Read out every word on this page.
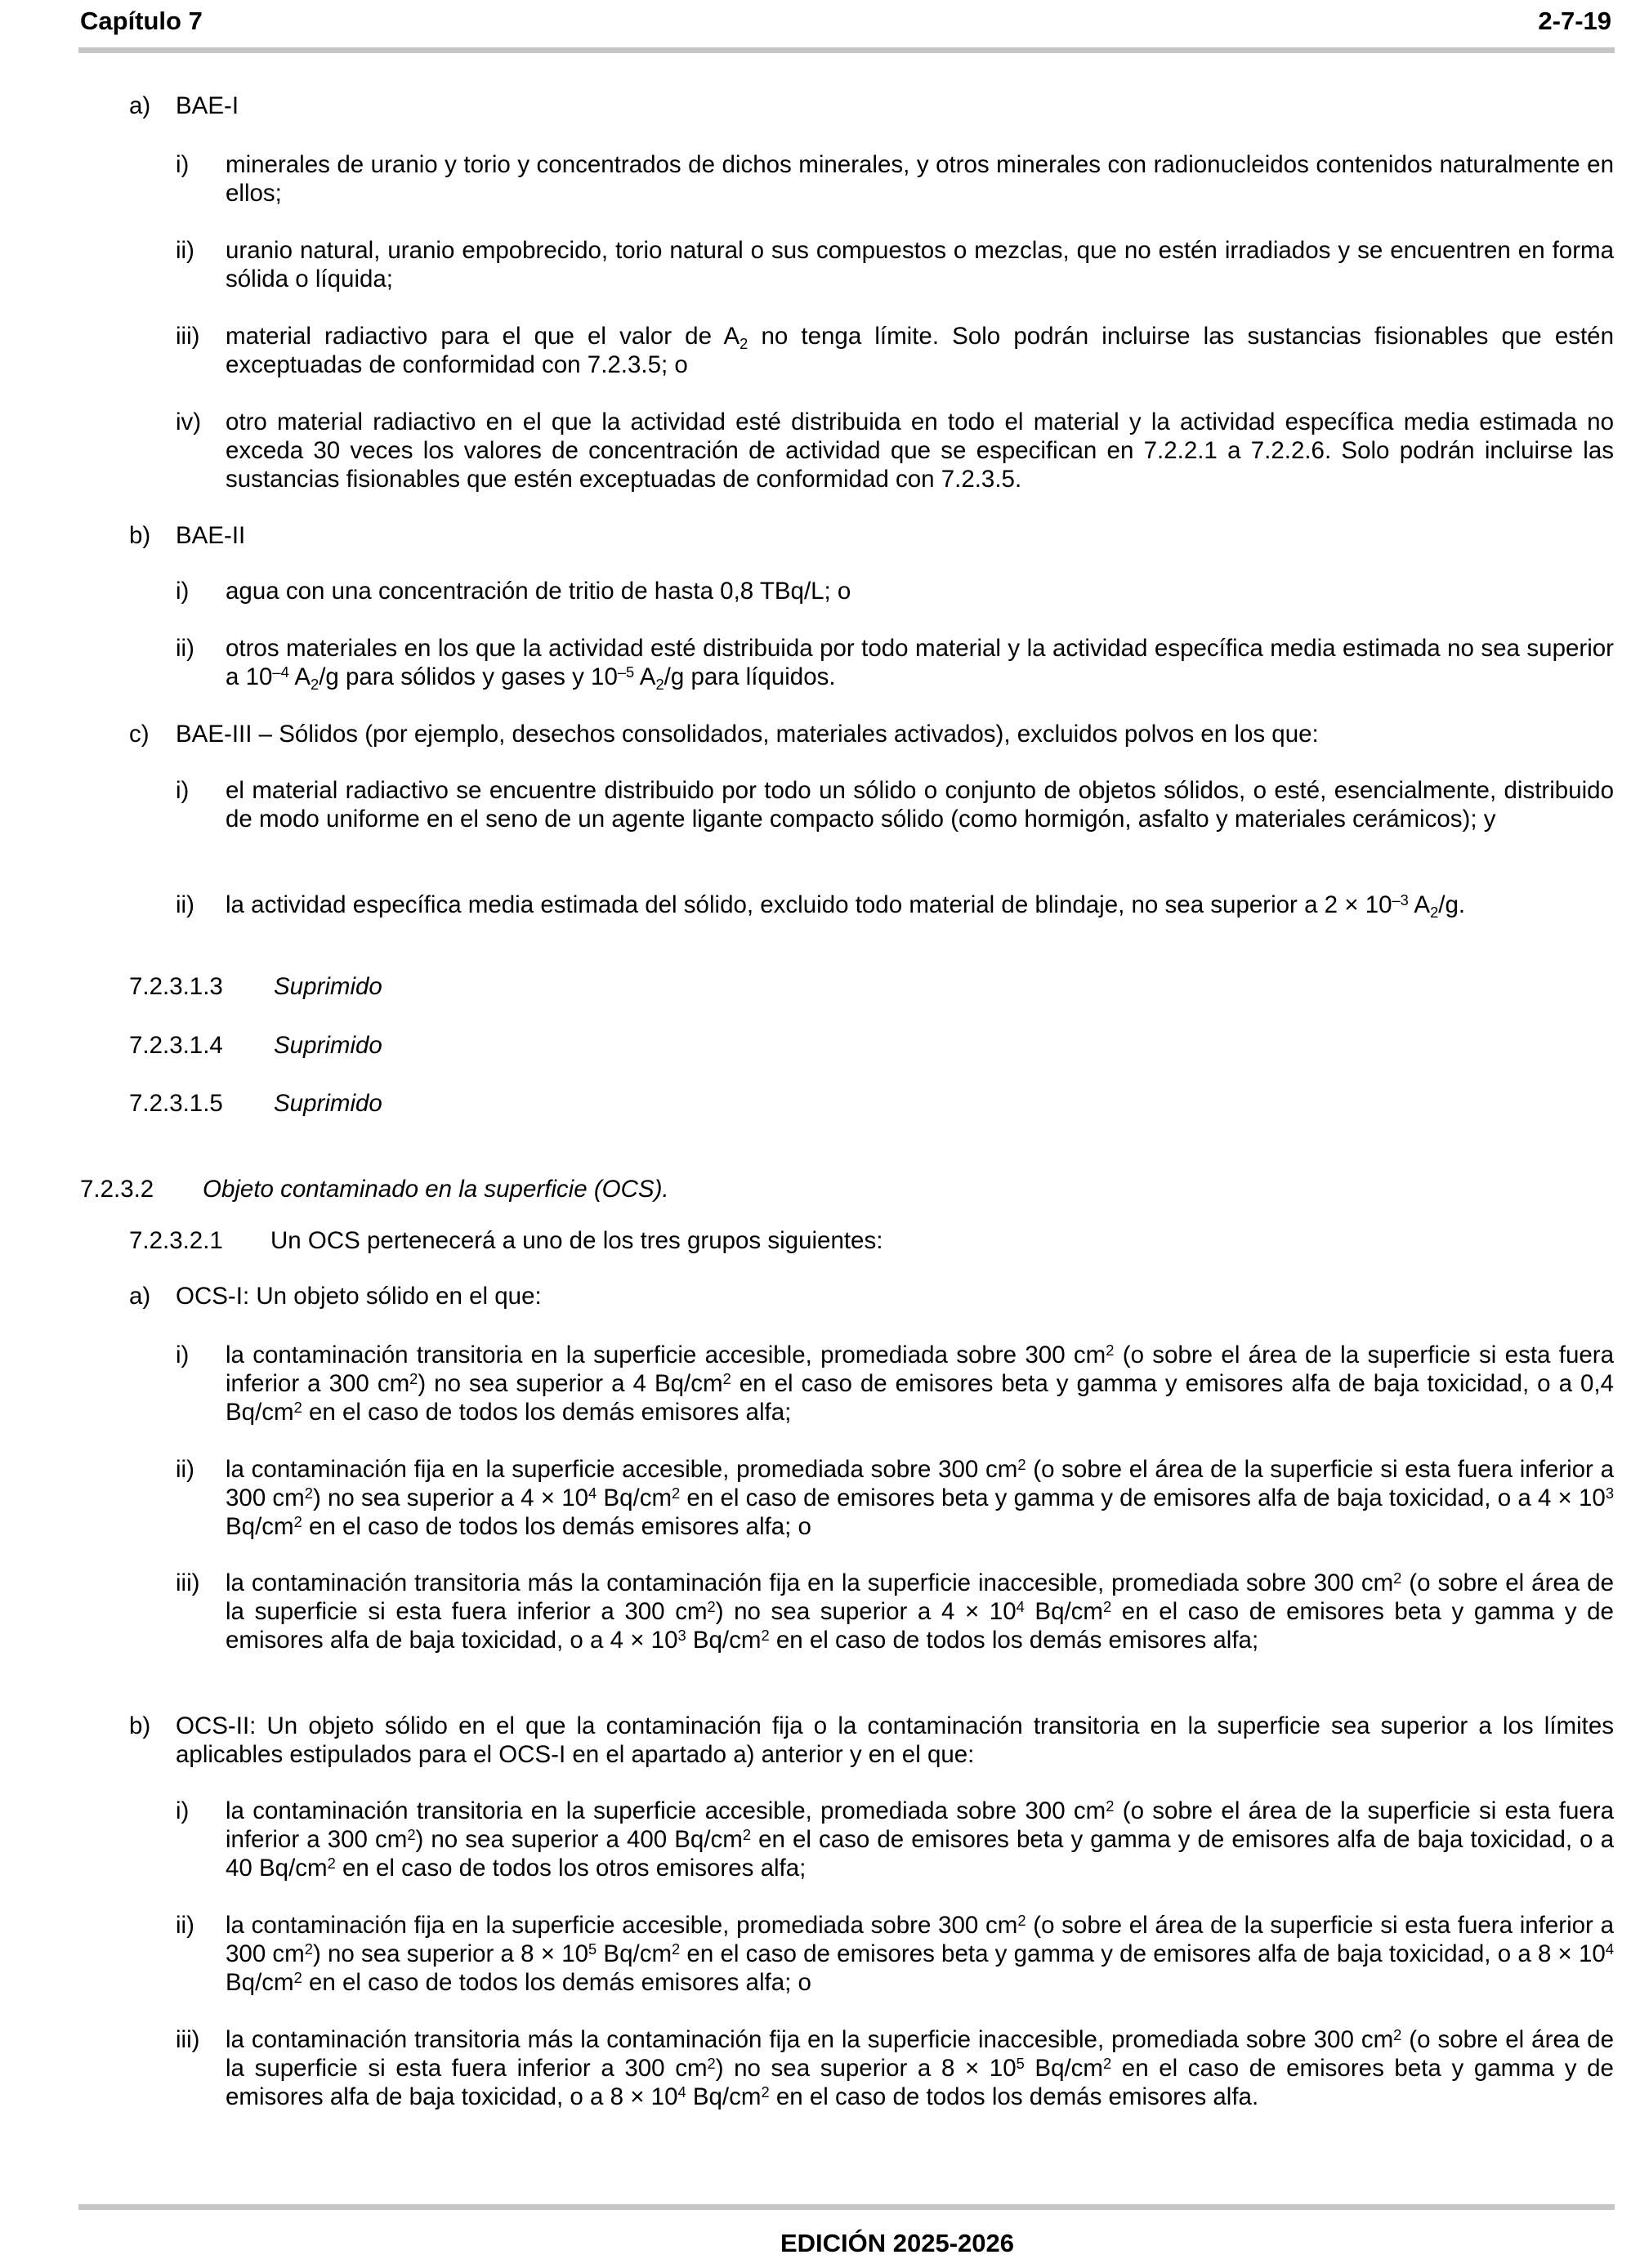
Capítulo 7	2-7-19
a) BAE-I
i) minerales de uranio y torio y concentrados de dichos minerales, y otros minerales con radionucleidos contenidos naturalmente en ellos;
ii) uranio natural, uranio empobrecido, torio natural o sus compuestos o mezclas, que no estén irradiados y se encuentren en forma sólida o líquida;
iii) material radiactivo para el que el valor de $A_2$ no tenga límite. Solo podrán incluirse las sustancias fisionables que estén exceptuadas de conformidad con 7.2.3.5; o
iv) otro material radiactivo en el que la actividad esté distribuida en todo el material y la actividad específica media estimada no exceda 30 veces los valores de concentración de actividad que se especifican en 7.2.2.1 a 7.2.2.6. Solo podrán incluirse las sustancias fisionables que estén exceptuadas de conformidad con 7.2.3.5.
b) BAE-II
i) agua con una concentración de tritio de hasta 0,8 TBq/L; o
ii) otros materiales en los que la actividad esté distribuida por todo material y la actividad específica media estimada no sea superior a $10^{-4}$ $A_2/g$ para sólidos y gases y $10^{-5}$ $A_2/g$ para líquidos.
c) BAE-III – Sólidos (por ejemplo, desechos consolidados, materiales activados), excluidos polvos en los que:
i) el material radiactivo se encuentre distribuido por todo un sólido o conjunto de objetos sólidos, o esté, esencialmente, distribuido de modo uniforme en el seno de un agente ligante compacto sólido (como hormigón, asfalto y materiales cerámicos); y
ii) la actividad específica media estimada del sólido, excluido todo material de blindaje, no sea superior a $2 \times 10^{-3}$ $A_2/g$.
7.2.3.1.3 Suprimido
7.2.3.1.4 Suprimido
7.2.3.1.5 Suprimido
7.2.3.2 Objeto contaminado en la superficie (OCS).
7.2.3.2.1 Un OCS pertenecerá a uno de los tres grupos siguientes:
a) OCS-I: Un objeto sólido en el que:
i) la contaminación transitoria en la superficie accesible, promediada sobre 300 $cm^2$ (o sobre el área de la superficie si esta fuera inferior a 300 $cm^2$) no sea superior a 4 $Bq/cm^2$ en el caso de emisores beta y gamma y emisores alfa de baja toxicidad, o a 0,4 $Bq/cm^2$ en el caso de todos los demás emisores alfa;
ii) la contaminación fija en la superficie accesible, promediada sobre 300 $cm^2$ (o sobre el área de la superficie si esta fuera inferior a 300 $cm^2$) no sea superior a $4 \times 10^4$ $Bq/cm^2$ en el caso de emisores beta y gamma y de emisores alfa de baja toxicidad, o a $4 \times 10^3$ $Bq/cm^2$ en el caso de todos los demás emisores alfa; o
iii) la contaminación transitoria más la contaminación fija en la superficie inaccesible, promediada sobre 300 $cm^2$ (o sobre el área de la superficie si esta fuera inferior a 300 $cm^2$) no sea superior a $4 \times 10^4$ $Bq/cm^2$ en el caso de emisores beta y gamma y de emisores alfa de baja toxicidad, o a $4 \times 10^3$ $Bq/cm^2$ en el caso de todos los demás emisores alfa;
b) OCS-II: Un objeto sólido en el que la contaminación fija o la contaminación transitoria en la superficie sea superior a los límites aplicables estipulados para el OCS-I en el apartado a) anterior y en el que:
i) la contaminación transitoria en la superficie accesible, promediada sobre 300 $cm^2$ (o sobre el área de la superficie si esta fuera inferior a 300 $cm^2$) no sea superior a 400 $Bq/cm^2$ en el caso de emisores beta y gamma y de emisores alfa de baja toxicidad, o a 40 $Bq/cm^2$ en el caso de todos los otros emisores alfa;
ii) la contaminación fija en la superficie accesible, promediada sobre 300 $cm^2$ (o sobre el área de la superficie si esta fuera inferior a 300 $cm^2$) no sea superior a $8 \times 10^5$ $Bq/cm^2$ en el caso de emisores beta y gamma y de emisores alfa de baja toxicidad, o a $8 \times 10^4$ $Bq/cm^2$ en el caso de todos los demás emisores alfa; o
iii) la contaminación transitoria más la contaminación fija en la superficie inaccesible, promediada sobre 300 $cm^2$ (o sobre el área de la superficie si esta fuera inferior a 300 $cm^2$) no sea superior a $8 \times 10^5$ $Bq/cm^2$ en el caso de emisores beta y gamma y de emisores alfa de baja toxicidad, o a $8 \times 10^4$ $Bq/cm^2$ en el caso de todos los demás emisores alfa.
EDICIÓN 2025-2026
